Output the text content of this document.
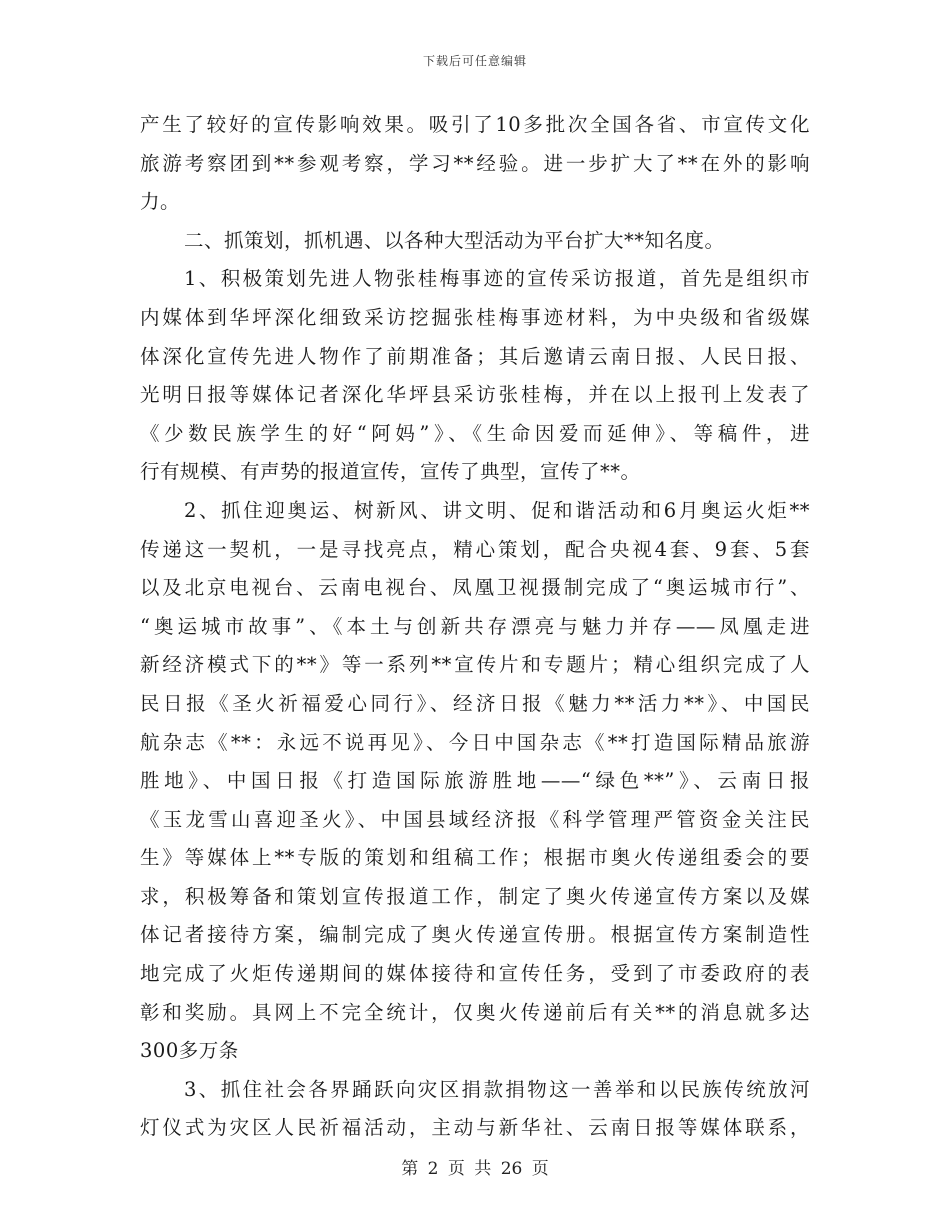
下载后可任意编辑
产生了较好的宣传影响效果。吸引了10多批次全国各省、市宣传文化
旅游考察团到**参观考察，学习**经验。进一步扩大了**在外的影响
力。
二、抓策划，抓机遇、以各种大型活动为平台扩大**知名度。
1、积极策划先进人物张桂梅事迹的宣传采访报道，首先是组织市
内媒体到华坪深化细致采访挖掘张桂梅事迹材料，为中央级和省级媒
体深化宣传先进人物作了前期准备；其后邀请云南日报、人民日报、
光明日报等媒体记者深化华坪县采访张桂梅，并在以上报刊上发表了
《少数民族学生的好“阿妈”》、《生命因爱而延伸》、等稿件，进
行有规模、有声势的报道宣传，宣传了典型，宣传了**。
2、抓住迎奥运、树新风、讲文明、促和谐活动和6月奥运火炬**
传递这一契机，一是寻找亮点，精心策划，配合央视4套、9套、5套
以及北京电视台、云南电视台、凤凰卫视摄制完成了“奥运城市行”、
“奥运城市故事”、《本土与创新共存漂亮与魅力并存——凤凰走进
新经济模式下的**》等一系列**宣传片和专题片；精心组织完成了人
民日报《圣火祈福爱心同行》、经济日报《魅力**活力**》、中国民
航杂志《**：永远不说再见》、今日中国杂志《**打造国际精品旅游
胜地》、中国日报《打造国际旅游胜地——“绿色**”》、云南日报
《玉龙雪山喜迎圣火》、中国县域经济报《科学管理严管资金关注民
生》等媒体上**专版的策划和组稿工作；根据市奥火传递组委会的要
求，积极筹备和策划宣传报道工作，制定了奥火传递宣传方案以及媒
体记者接待方案，编制完成了奥火传递宣传册。根据宣传方案制造性
地完成了火炬传递期间的媒体接待和宣传任务，受到了市委政府的表
彰和奖励。具网上不完全统计，仅奥火传递前后有关**的消息就多达
300多万条
3、抓住社会各界踊跃向灾区捐款捐物这一善举和以民族传统放河
灯仪式为灾区人民祈福活动，主动与新华社、云南日报等媒体联系，
第 2 页 共 26 页
